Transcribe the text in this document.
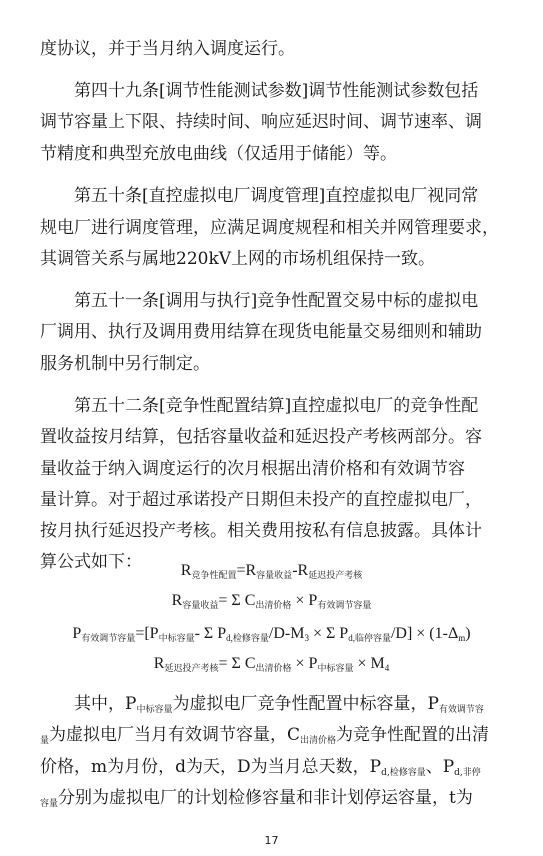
度协议，并于当月纳入调度运行。
第四十九条[调节性能测试参数]调节性能测试参数包括
调节容量上下限、持续时间、响应延迟时间、调节速率、调
节精度和典型充放电曲线（仅适用于储能）等。
第五十条[直控虚拟电厂调度管理]直控虚拟电厂视同常
规电厂进行调度管理，应满足调度规程和相关并网管理要求，
其调管关系与属地220kV上网的市场机组保持一致。
第五十一条[调用与执行]竞争性配置交易中标的虚拟电
厂调用、执行及调用费用结算在现货电能量交易细则和辅助
服务机制中另行制定。
第五十二条[竞争性配置结算]直控虚拟电厂的竞争性配
置收益按月结算，包括容量收益和延迟投产考核两部分。容
量收益于纳入调度运行的次月根据出清价格和有效调节容
量计算。对于超过承诺投产日期但未投产的直控虚拟电厂，
按月执行延迟投产考核。相关费用按私有信息披露。具体计
算公式如下：	$R_{竞争性配置}=R_{容量收益}-R_{延迟投产考核}$
$R_{容量收益}= \Sigma$ $C_{出清价格} \times P_{有效调节容量}$
$P_{有效调节容量}=[P_{中标容量}-$ Σ $P_{d,检修容量}/D-M_3 \times \Sigma$ $P_{d,临停容量}/D] \times (1-\Delta_m)$
$R_{延迟投产考核}= \Sigma$ $C_{出清价格} \times P_{中标容量} \times M_4$
其中，$P_{中标容量}$为虚拟电厂竞争性配置中标容量，$P_{有效调节容}$
$_量$为虚拟电厂当月有效调节容量，$C_{出清价格}$为竞争性配置的出清
价格，m为月份，d为天，D为当月总天数，$P_{d,检修容量}$、$P_{d,非停}$
$_{容量}$分别为虚拟电厂的计划检修容量和非计划停运容量，t为
17
